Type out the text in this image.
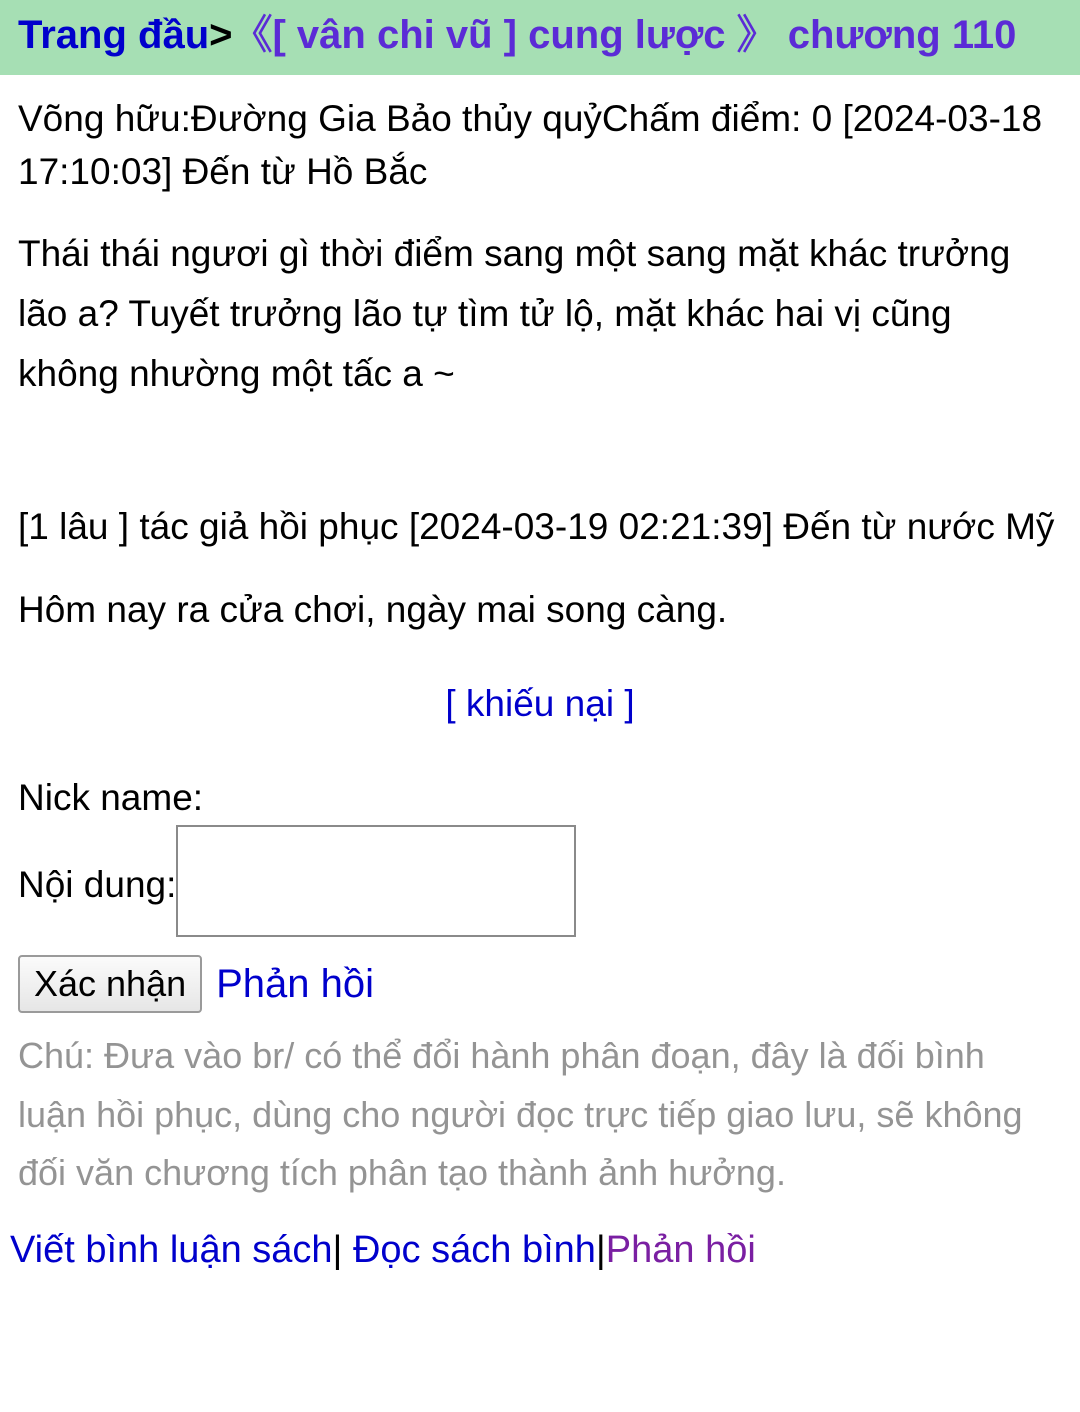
Trang đầu>《[ vân chi vũ ] cung lược 》 chương 110

Võng hữu:Đường Gia Bảo thủy quỷChấm điểm: 0 [2024-03-18 17:10:03] Đến từ Hồ Bắc

Thái thái ngươi gì thời điểm sang một sang mặt khác trưởng lão a? Tuyết trưởng lão tự tìm tử lộ, mặt khác hai vị cũng không nhường một tấc a ~

[1 lâu ] tác giả hồi phục [2024-03-19 02:21:39] Đến từ nước Mỹ

Hôm nay ra cửa chơi, ngày mai song càng.

[ khiếu nại ]
Nick name:
Nội dung:
Xác nhận Phản hồi

Chú: Đưa vào br/ có thể đổi hành phân đoạn, đây là đối bình luận hồi phục, dùng cho người đọc trực tiếp giao lưu, sẽ không đối văn chương tích phân tạo thành ảnh hưởng.

Viết bình luận sách| Đọc sách bình|Phản hồi
